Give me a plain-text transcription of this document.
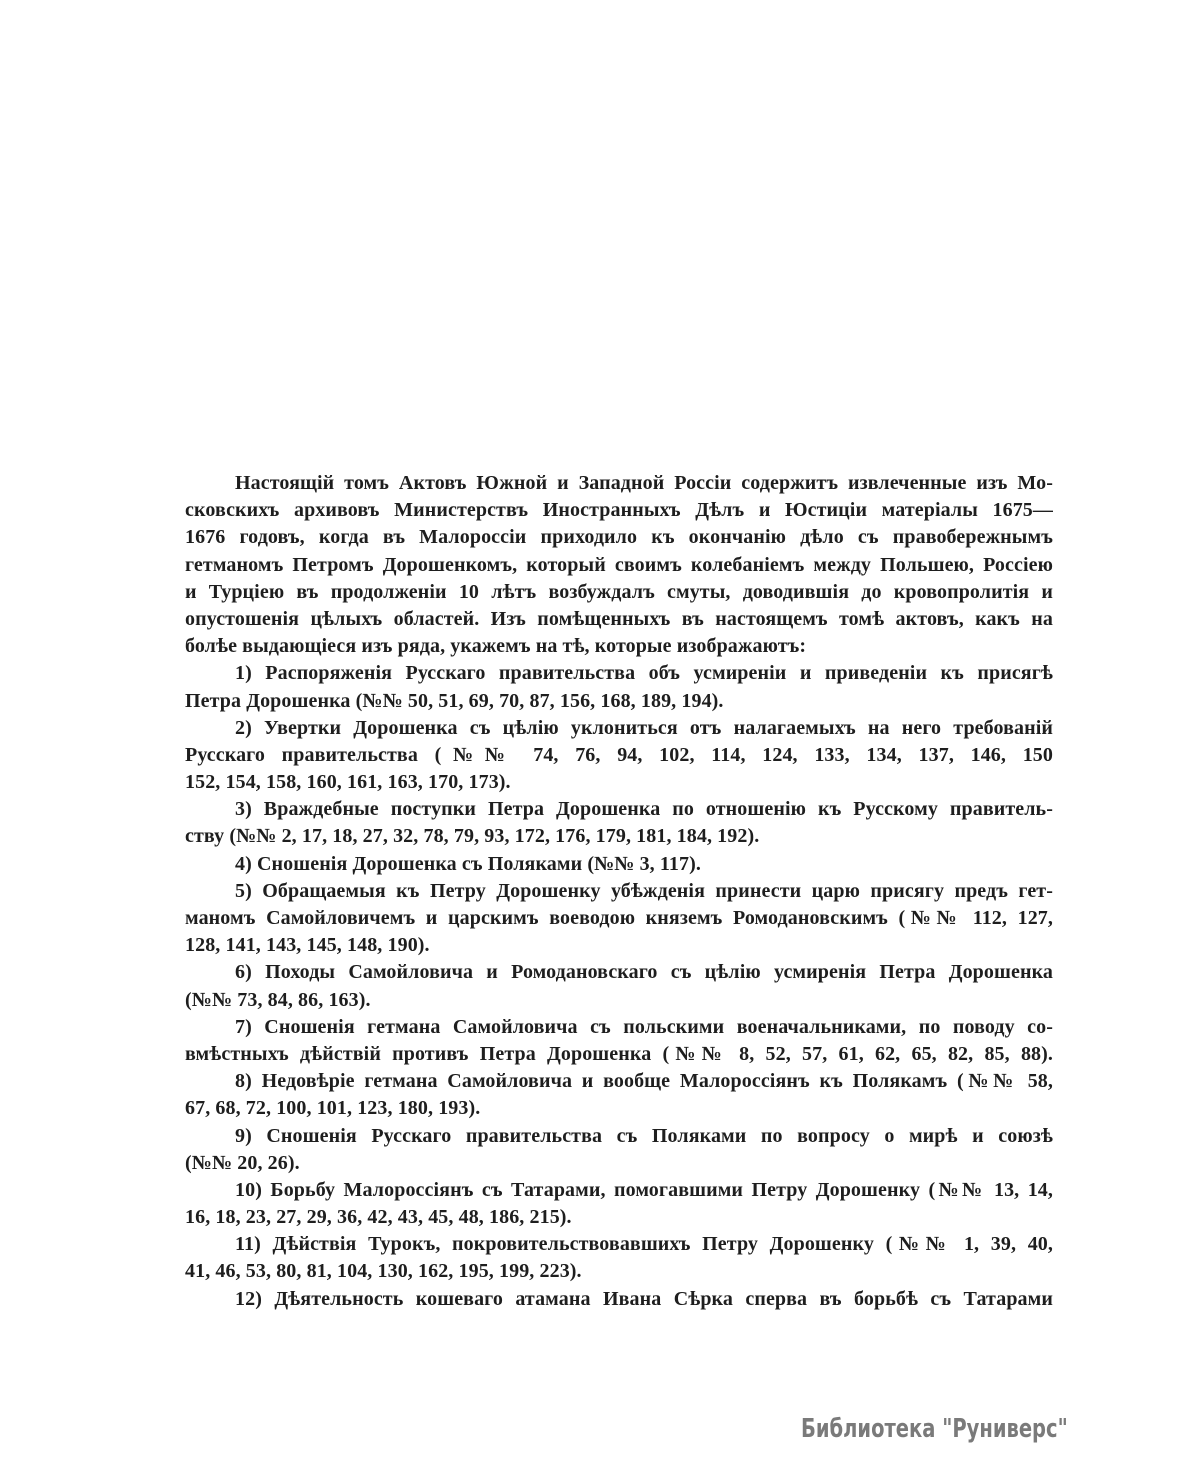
Настоящій томъ Актовъ Южной и Западной Россіи содержитъ извлеченные изъ Мо-
сковскихъ архивовъ Министерствъ Иностранныхъ Дѣлъ и Юстиціи матеріалы 1675—
1676 годовъ, когда въ Малороссіи приходило къ окончанію дѣло съ правобережнымъ
гетманомъ Петромъ Дорошенкомъ, который своимъ колебаніемъ между Польшею, Россіею
и Турціею въ продолженіи 10 лѣтъ возбуждалъ смуты, доводившія до кровопролитія и
опустошенія цѣлыхъ областей. Изъ помѣщенныхъ въ настоящемъ томѣ актовъ, какъ на
болѣе выдающіеся изъ ряда, укажемъ на тѣ, которые изображаютъ:

1) Распоряженія Русскаго правительства объ усмиреніи и приведеніи къ присягѣ
Петра Дорошенка (№№ 50, 51, 69, 70, 87, 156, 168, 189, 194).

2) Увертки Дорошенка съ цѣлію уклониться отъ налагаемыхъ на него требованій
Русскаго правительства (№№ 74, 76, 94, 102, 114, 124, 133, 134, 137, 146, 150
152, 154, 158, 160, 161, 163, 170, 173).

3) Враждебные поступки Петра Дорошенка по отношенію къ Русскому правитель-
ству (№№ 2, 17, 18, 27, 32, 78, 79, 93, 172, 176, 179, 181, 184, 192).

4) Сношенія Дорошенка съ Поляками (№№ 3, 117).

5) Обращаемыя къ Петру Дорошенку убѣжденія принести царю присягу предъ гет-
маномъ Самойловичемъ и царскимъ воеводою княземъ Ромодановскимъ (№№ 112, 127,
128, 141, 143, 145, 148, 190).

6) Походы Самойловича и Ромодановскаго съ цѣлію усмиренія Петра Дорошенка
(№№ 73, 84, 86, 163).

7) Сношенія гетмана Самойловича съ польскими военачальниками, по поводу со-
вмѣстныхъ дѣйствій противъ Петра Дорошенка (№№ 8, 52, 57, 61, 62, 65, 82, 85, 88).

8) Недовѣріе гетмана Самойловича и вообще Малороссіянъ къ Полякамъ (№№ 58,
67, 68, 72, 100, 101, 123, 180, 193).

9) Сношенія Русскаго правительства съ Поляками по вопросу о мирѣ и союзѣ
(№№ 20, 26).

10) Борьбу Малороссіянъ съ Татарами, помогавшими Петру Дорошенку (№№ 13, 14,
16, 18, 23, 27, 29, 36, 42, 43, 45, 48, 186, 215).

11) Дѣйствія Турокъ, покровительствовавшихъ Петру Дорошенку (№№ 1, 39, 40,
41, 46, 53, 80, 81, 104, 130, 162, 195, 199, 223).

12) Дѣятельность кошеваго атамана Ивана Сѣрка сперва въ борьбѣ съ Татарами

Библиотека "Руниверс"
